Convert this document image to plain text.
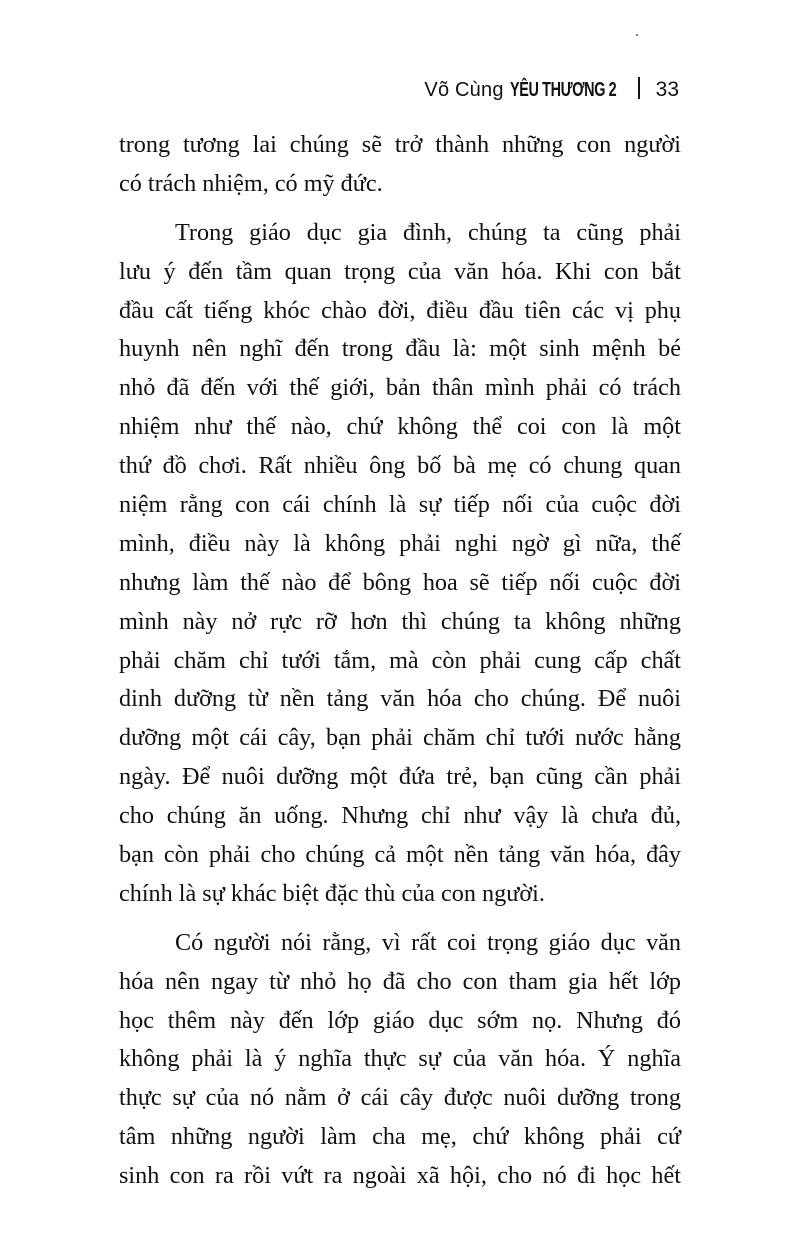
Võ Cùng YÊU THƯƠNG 2 33
trong tương lai chúng sẽ trở thành những con người
có trách nhiệm, có mỹ đức.
Trong giáo dục gia đình, chúng ta cũng phải
lưu ý đến tầm quan trọng của văn hóa. Khi con bắt
đầu cất tiếng khóc chào đời, điều đầu tiên các vị phụ
huynh nên nghĩ đến trong đầu là: một sinh mệnh bé
nhỏ đã đến với thế giới, bản thân mình phải có trách
nhiệm như thế nào, chứ không thể coi con là một
thứ đồ chơi. Rất nhiều ông bố bà mẹ có chung quan
niệm rằng con cái chính là sự tiếp nối của cuộc đời
mình, điều này là không phải nghi ngờ gì nữa, thế
nhưng làm thế nào để bông hoa sẽ tiếp nối cuộc đời
mình này nở rực rỡ hơn thì chúng ta không những
phải chăm chỉ tưới tắm, mà còn phải cung cấp chất
dinh dưỡng từ nền tảng văn hóa cho chúng. Để nuôi
dưỡng một cái cây, bạn phải chăm chỉ tưới nước hằng
ngày. Để nuôi dưỡng một đứa trẻ, bạn cũng cần phải
cho chúng ăn uống. Nhưng chỉ như vậy là chưa đủ,
bạn còn phải cho chúng cả một nền tảng văn hóa, đây
chính là sự khác biệt đặc thù của con người.
Có người nói rằng, vì rất coi trọng giáo dục văn
hóa nên ngay từ nhỏ họ đã cho con tham gia hết lớp
học thêm này đến lớp giáo dục sớm nọ. Nhưng đó
không phải là ý nghĩa thực sự của văn hóa. Ý nghĩa
thực sự của nó nằm ở cái cây được nuôi dưỡng trong
tâm những người làm cha mẹ, chứ không phải cứ
sinh con ra rồi vứt ra ngoài xã hội, cho nó đi học hết
